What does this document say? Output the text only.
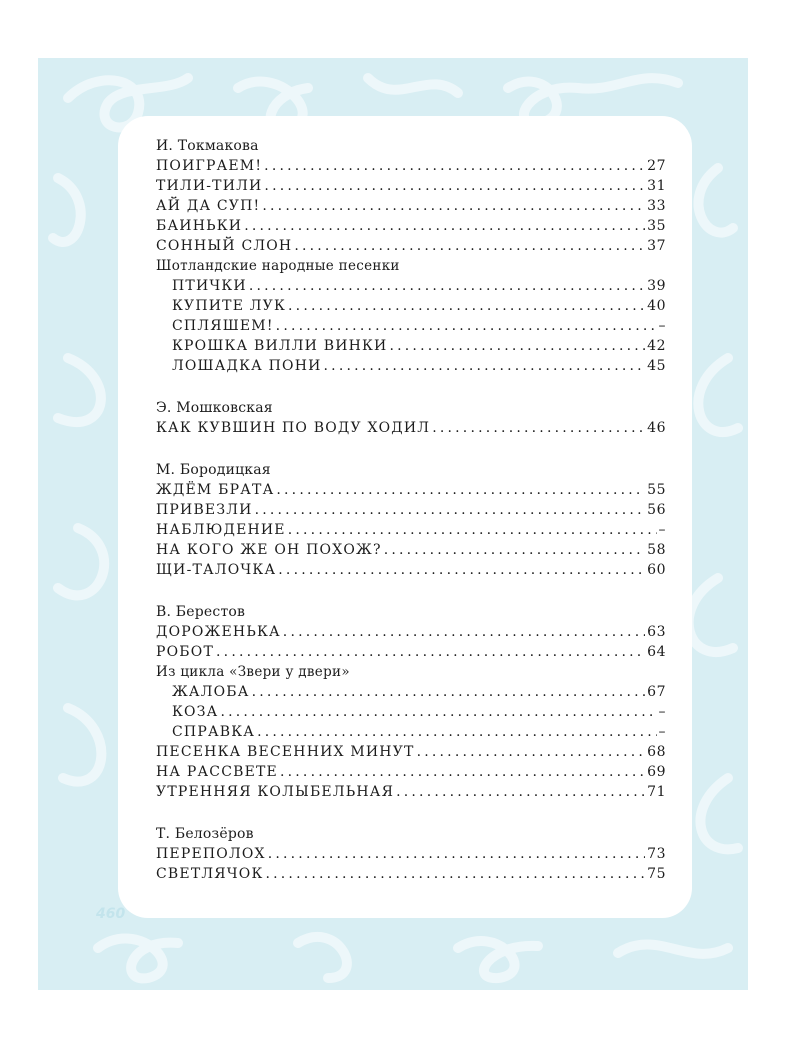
И. Токмакова
ПОИГРАЕМ! .....	27
ТИЛИ-ТИЛИ .....	31
АЙ ДА СУП! .....	33
БАИНЬКИ .....	35
СОННЫЙ СЛОН .....	37
Шотландские народные песенки
ПТИЧКИ .....	39
КУПИТЕ ЛУК .....	40
СПЛЯШЕМ! .....	–
КРОШКА ВИЛЛИ ВИНКИ .....	42
ЛОШАДКА ПОНИ .....	45
Э. Мошковская
КАК КУВШИН ПО ВОДУ ХОДИЛ .....	46
М. Бородицкая
ЖДЁМ БРАТА .....	55
ПРИВЕЗЛИ .....	56
НАБЛЮДЕНИЕ .....	–
НА КОГО ЖЕ ОН ПОХОЖ? .....	58
ЩИ-ТАЛОЧКА .....	60
В. Берестов
ДОРОЖЕНЬКА .....	63
РОБОТ .....	64
Из цикла «Звери у двери»
ЖАЛОБА .....	67
КОЗА .....	–
СПРАВКА .....	–
ПЕСЕНКА ВЕСЕННИХ МИНУТ .....	68
НА РАССВЕТЕ .....	69
УТРЕННЯЯ КОЛЫБЕЛЬНАЯ .....	71
Т. Белозёров
ПЕРЕПОЛОХ .....	73
СВЕТЛЯЧОК .....	75
460
